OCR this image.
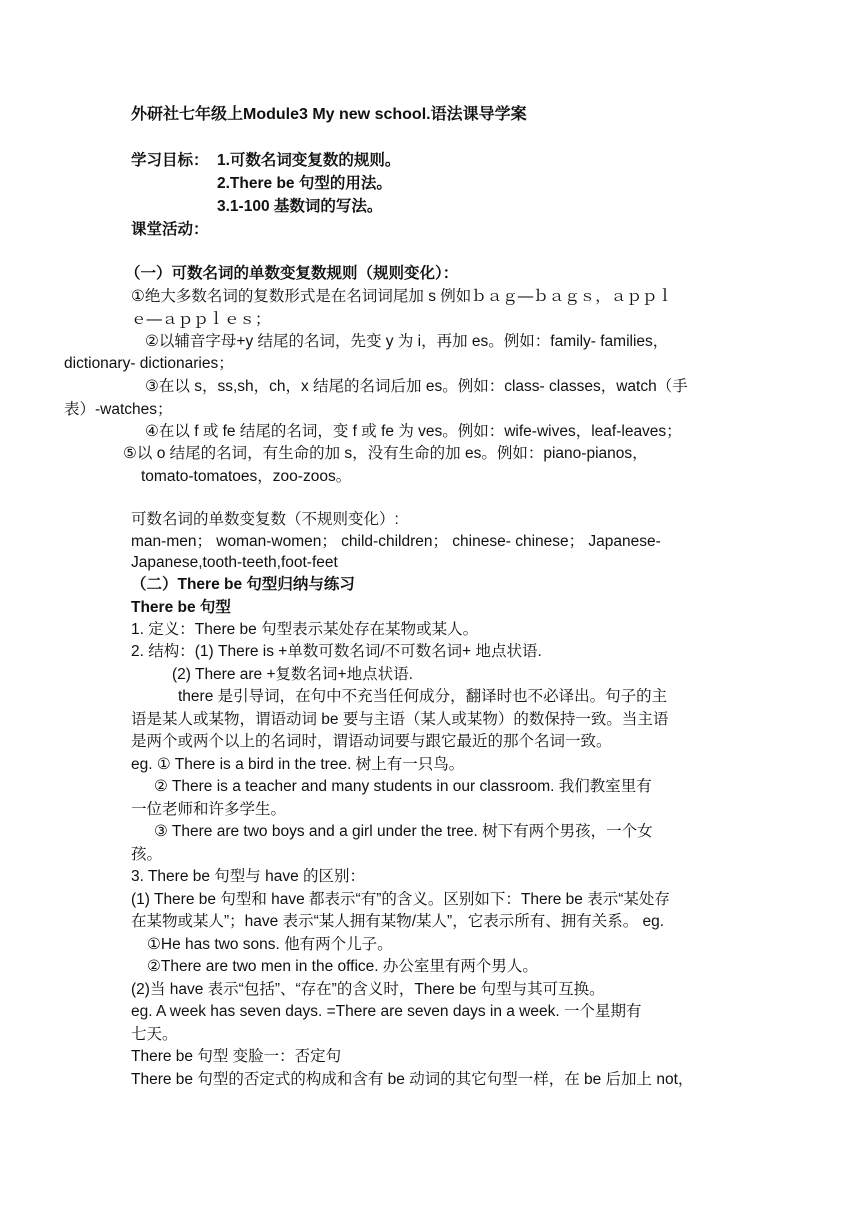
外研社七年级上Module3 My new school.语法课导学案
学习目标： 1.可数名词变复数的规则。
2.There be 句型的用法。
3.1-100 基数词的写法。
课堂活动：
（一）可数名词的单数变复数规则（规则变化）：
①绝大多数名词的复数形式是在名词词尾加 s 例如ｂａｇ—ｂａｇｓ，ａｐｐｌ
ｅ—ａｐｐｌｅｓ；
②以辅音字母+y 结尾的名词，先变 y 为 i，再加 es。例如：family- families，
dictionary- dictionaries；
③在以 s，ss,sh，ch，x 结尾的名词后加 es。例如：class- classes，watch（手
表）-watches；
④在以 f 或 fe 结尾的名词，变 f 或 fe 为 ves。例如：wife-wives，leaf-leaves；
⑤以 o 结尾的名词，有生命的加 s，没有生命的加 es。例如：piano-pianos，
tomato-tomatoes，zoo-zoos。
可数名词的单数变复数（不规则变化）:
man-men； woman-women； child-children； chinese- chinese； Japanese-
Japanese,tooth-teeth,foot-feet
（二）There be 句型归纳与练习
There be 句型
1. 定义：There be 句型表示某处存在某物或某人。
2. 结构：(1) There is +单数可数名词/不可数名词+ 地点状语.
(2) There are +复数名词+地点状语.
there 是引导词，在句中不充当任何成分，翻译时也不必译出。句子的主
语是某人或某物，谓语动词 be 要与主语（某人或某物）的数保持一致。当主语
是两个或两个以上的名词时，谓语动词要与跟它最近的那个名词一致。
eg. ① There is a bird in the tree. 树上有一只鸟。
② There is a teacher and many students in our classroom. 我们教室里有
一位老师和许多学生。
③ There are two boys and a girl under the tree. 树下有两个男孩，一个女
孩。
3. There be 句型与 have 的区别：
(1) There be 句型和 have 都表示“有”的含义。区别如下：There be 表示“某处存
在某物或某人”；have 表示“某人拥有某物/某人”，它表示所有、拥有关系。 eg.
①He has two sons. 他有两个儿子。
②There are two men in the office. 办公室里有两个男人。
(2)当 have 表示“包括”、“存在”的含义时，There be 句型与其可互换。
eg. A week has seven days. =There are seven days in a week. 一个星期有
七天。
There be 句型 变脸一：否定句
There be 句型的否定式的构成和含有 be 动词的其它句型一样，在 be 后加上 not，
